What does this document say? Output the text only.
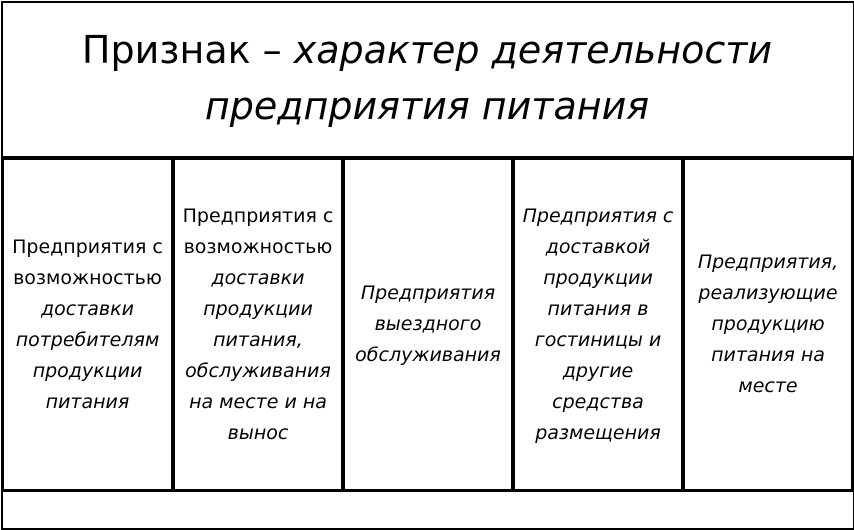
Признак – характер деятельности
предприятия питания
Предприятия с
возможностью
доставки
потребителям
продукции
питания
Предприятия с
возможностью
доставки
продукции
питания,
обслуживания
на месте и на
вынос
Предприятия
выездного
обслуживания
Предприятия с
доставкой
продукции
питания в
гостиницы и
другие
средства
размещения
Предприятия,
реализующие
продукцию
питания на
месте
